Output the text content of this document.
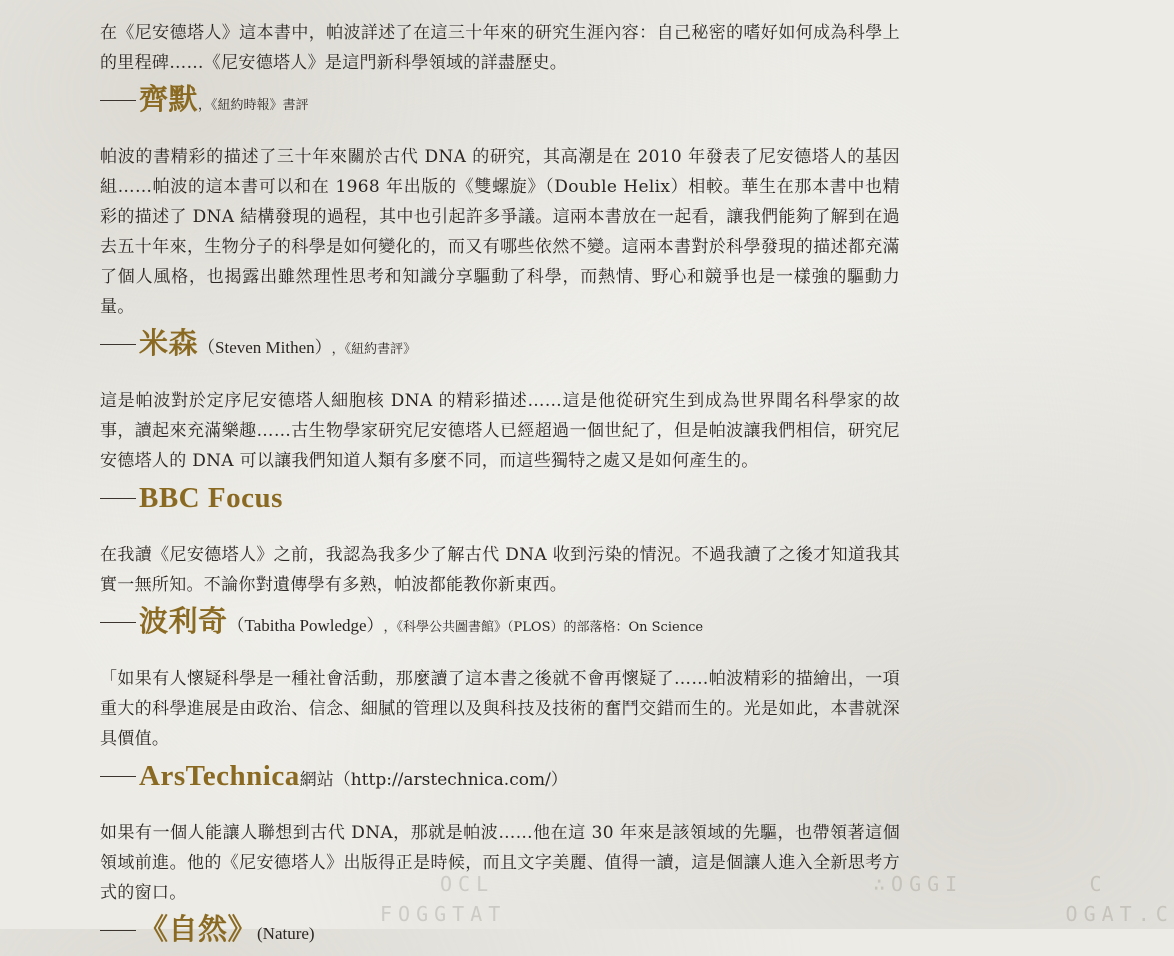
OCL                     ∴OGGI       C
FOGGTAT                               OGAT.C

在《尼安德塔人》這本書中，帕波詳述了在這三十年來的研究生涯內容：自己秘密的嗜好如何成為科學上的里程碑……《尼安德塔人》是這門新科學領域的詳盡歷史。

齊默 ，《紐約時報》書評

帕波的書精彩的描述了三十年來關於古代 DNA 的研究，其高潮是在 2010 年發表了尼安德塔人的基因組……帕波的這本書可以和在 1968 年出版的《雙螺旋》（Double Helix）相較。華生在那本書中也精彩的描述了 DNA 結構發現的過程，其中也引起許多爭議。這兩本書放在一起看，讓我們能夠了解到在過去五十年來，生物分子的科學是如何變化的，而又有哪些依然不變。這兩本書對於科學發現的描述都充滿了個人風格，也揭露出雖然理性思考和知識分享驅動了科學，而熱情、野心和競爭也是一樣強的驅動力量。

米森 （Steven Mithen） ，《紐約書評》

這是帕波對於定序尼安德塔人細胞核 DNA 的精彩描述……這是他從研究生到成為世界聞名科學家的故事，讀起來充滿樂趣……古生物學家研究尼安德塔人已經超過一個世紀了，但是帕波讓我們相信，研究尼安德塔人的 DNA 可以讓我們知道人類有多麼不同，而這些獨特之處又是如何產生的。

BBC Focus

在我讀《尼安德塔人》之前，我認為我多少了解古代 DNA 收到污染的情況。不過我讀了之後才知道我其實一無所知。不論你對遺傳學有多熟，帕波都能教你新東西。

波利奇 （Tabitha Powledge） ，《科學公共圖書館》（PLOS）的部落格：On Science

「如果有人懷疑科學是一種社會活動，那麼讀了這本書之後就不會再懷疑了……帕波精彩的描繪出，一項重大的科學進展是由政治、信念、細膩的管理以及與科技及技術的奮鬥交錯而生的。光是如此，本書就深具價值。

ArsTechnica 網站（http://arstechnica.com/）

如果有一個人能讓人聯想到古代 DNA，那就是帕波……他在這 30 年來是該領域的先驅，也帶領著這個領域前進。他的《尼安德塔人》出版得正是時候，而且文字美麗、值得一讀，這是個讓人進入全新思考方式的窗口。

《自然》 (Nature)
